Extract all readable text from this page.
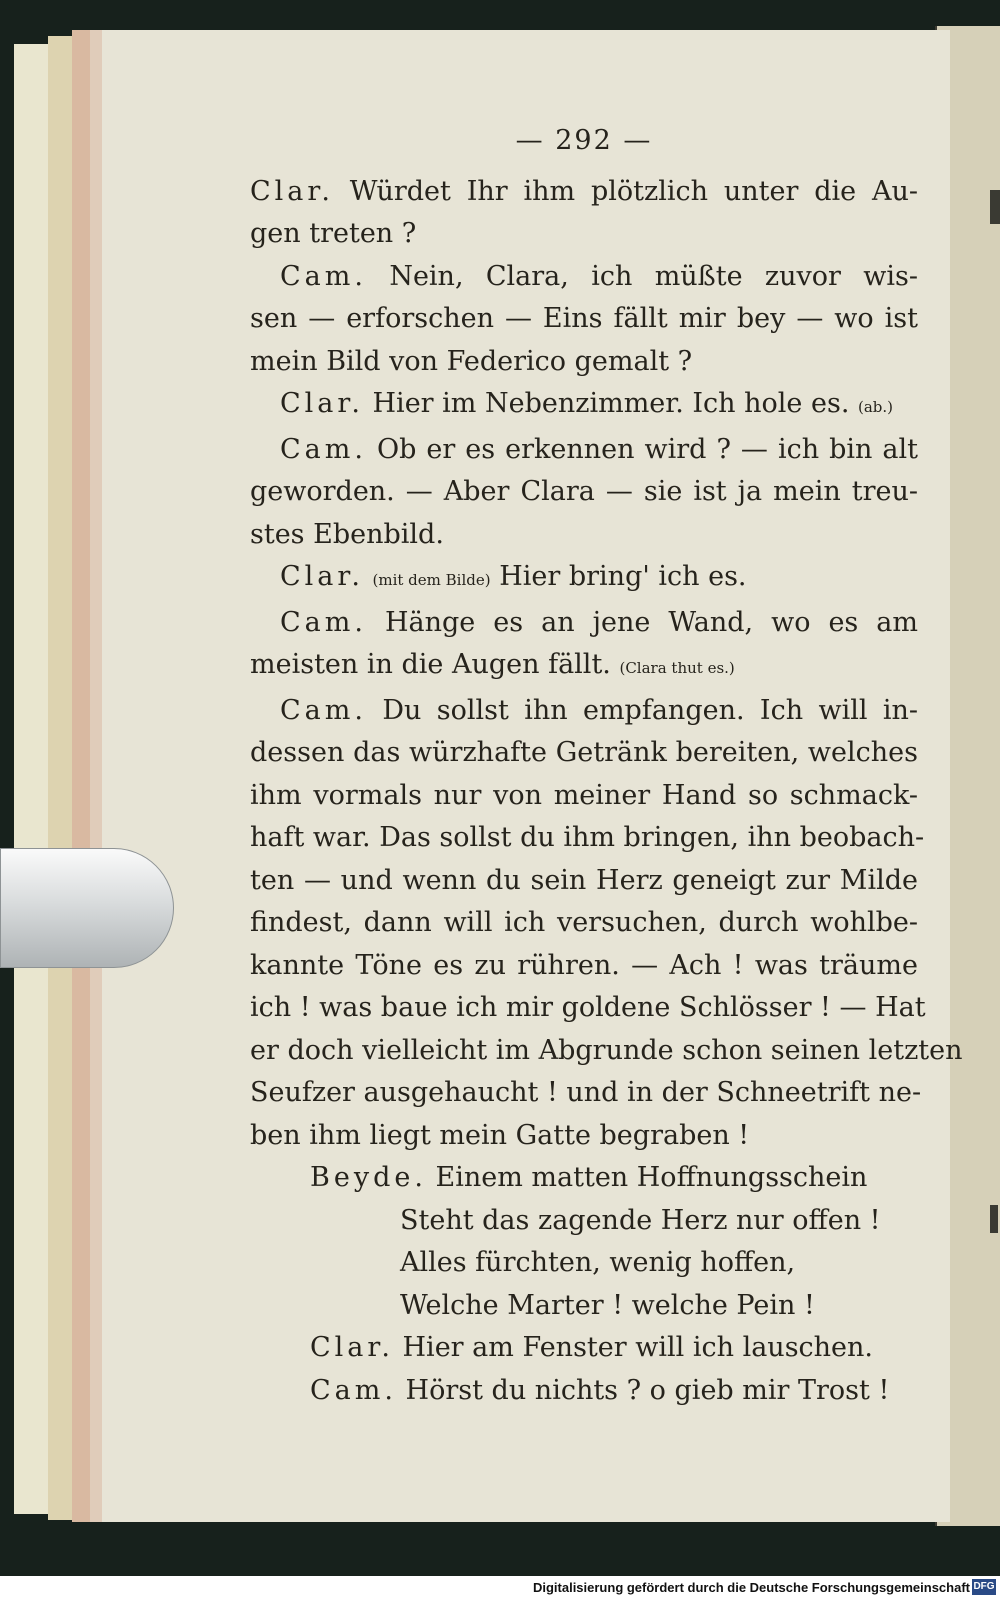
— 292 —
Clar. Würdet Ihr ihm plötzlich unter die Au-
gen treten ?
Cam. Nein, Clara, ich müßte zuvor wis-
sen — erforschen — Eins fällt mir bey — wo ist
mein Bild von Federico gemalt ?
Clar. Hier im Nebenzimmer. Ich hole es. (ab.)
Cam. Ob er es erkennen wird ? — ich bin alt
geworden. — Aber Clara — sie ist ja mein treu-
stes Ebenbild.
Clar. (mit dem Bilde) Hier bring' ich es.
Cam. Hänge es an jene Wand, wo es am
meisten in die Augen fällt. (Clara thut es.)
Cam. Du sollst ihn empfangen. Ich will in-
dessen das würzhafte Getränk bereiten, welches
ihm vormals nur von meiner Hand so schmack-
haft war. Das sollst du ihm bringen, ihn beobach-
ten — und wenn du sein Herz geneigt zur Milde
findest, dann will ich versuchen, durch wohlbe-
kannte Töne es zu rühren. — Ach ! was träume
ich ! was baue ich mir goldene Schlösser ! — Hat
er doch vielleicht im Abgrunde schon seinen letzten
Seufzer ausgehaucht ! und in der Schneetrift ne-
ben ihm liegt mein Gatte begraben !
Beyde. Einem matten Hoffnungsschein
Steht das zagende Herz nur offen !
Alles fürchten, wenig hoffen,
Welche Marter ! welche Pein !
Clar. Hier am Fenster will ich lauschen.
Cam. Hörst du nichts ? o gieb mir Trost !
Digitalisierung gefördert durch die Deutsche Forschungsgemeinschaft DFG
